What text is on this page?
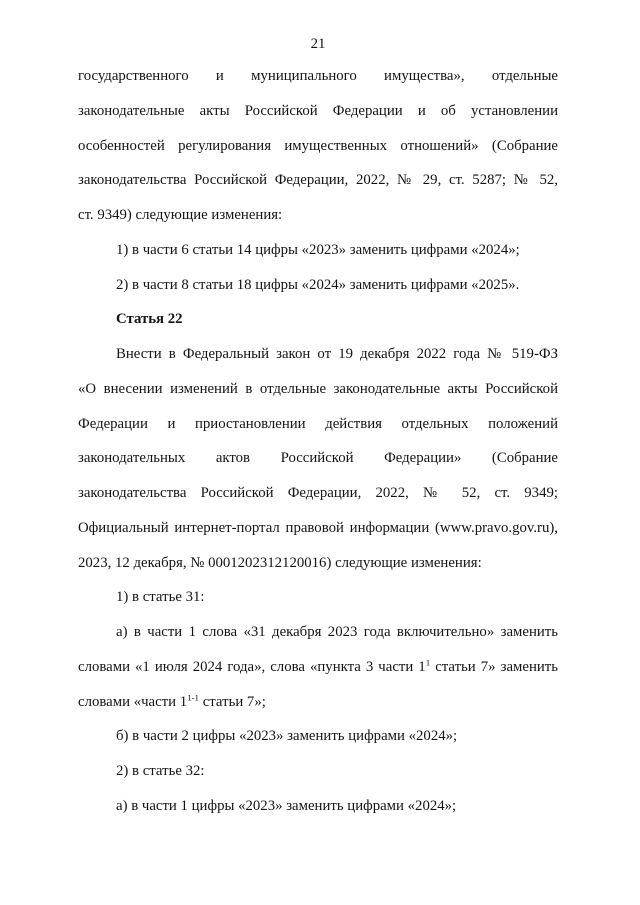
21
государственного и муниципального имущества», отдельные
законодательные акты Российской Федерации и об установлении
особенностей регулирования имущественных отношений» (Собрание
законодательства Российской Федерации, 2022, № 29, ст. 5287; № 52,
ст. 9349) следующие изменения:
1) в части 6 статьи 14 цифры «2023» заменить цифрами «2024»;
2) в части 8 статьи 18 цифры «2024» заменить цифрами «2025».
Статья 22
Внести в Федеральный закон от 19 декабря 2022 года № 519-ФЗ
«О внесении изменений в отдельные законодательные акты Российской
Федерации и приостановлении действия отдельных положений
законодательных актов Российской Федерации» (Собрание
законодательства Российской Федерации, 2022, № 52, ст. 9349;
Официальный интернет-портал правовой информации (www.pravo.gov.ru),
2023, 12 декабря, № 0001202312120016) следующие изменения:
1) в статье 31:
а) в части 1 слова «31 декабря 2023 года включительно» заменить
словами «1 июля 2024 года», слова «пункта 3 части $1^1$ статьи 7» заменить
словами «части 1$^{1-1}$ статьи 7»;
б) в части 2 цифры «2023» заменить цифрами «2024»;
2) в статье 32:
а) в части 1 цифры «2023» заменить цифрами «2024»;
